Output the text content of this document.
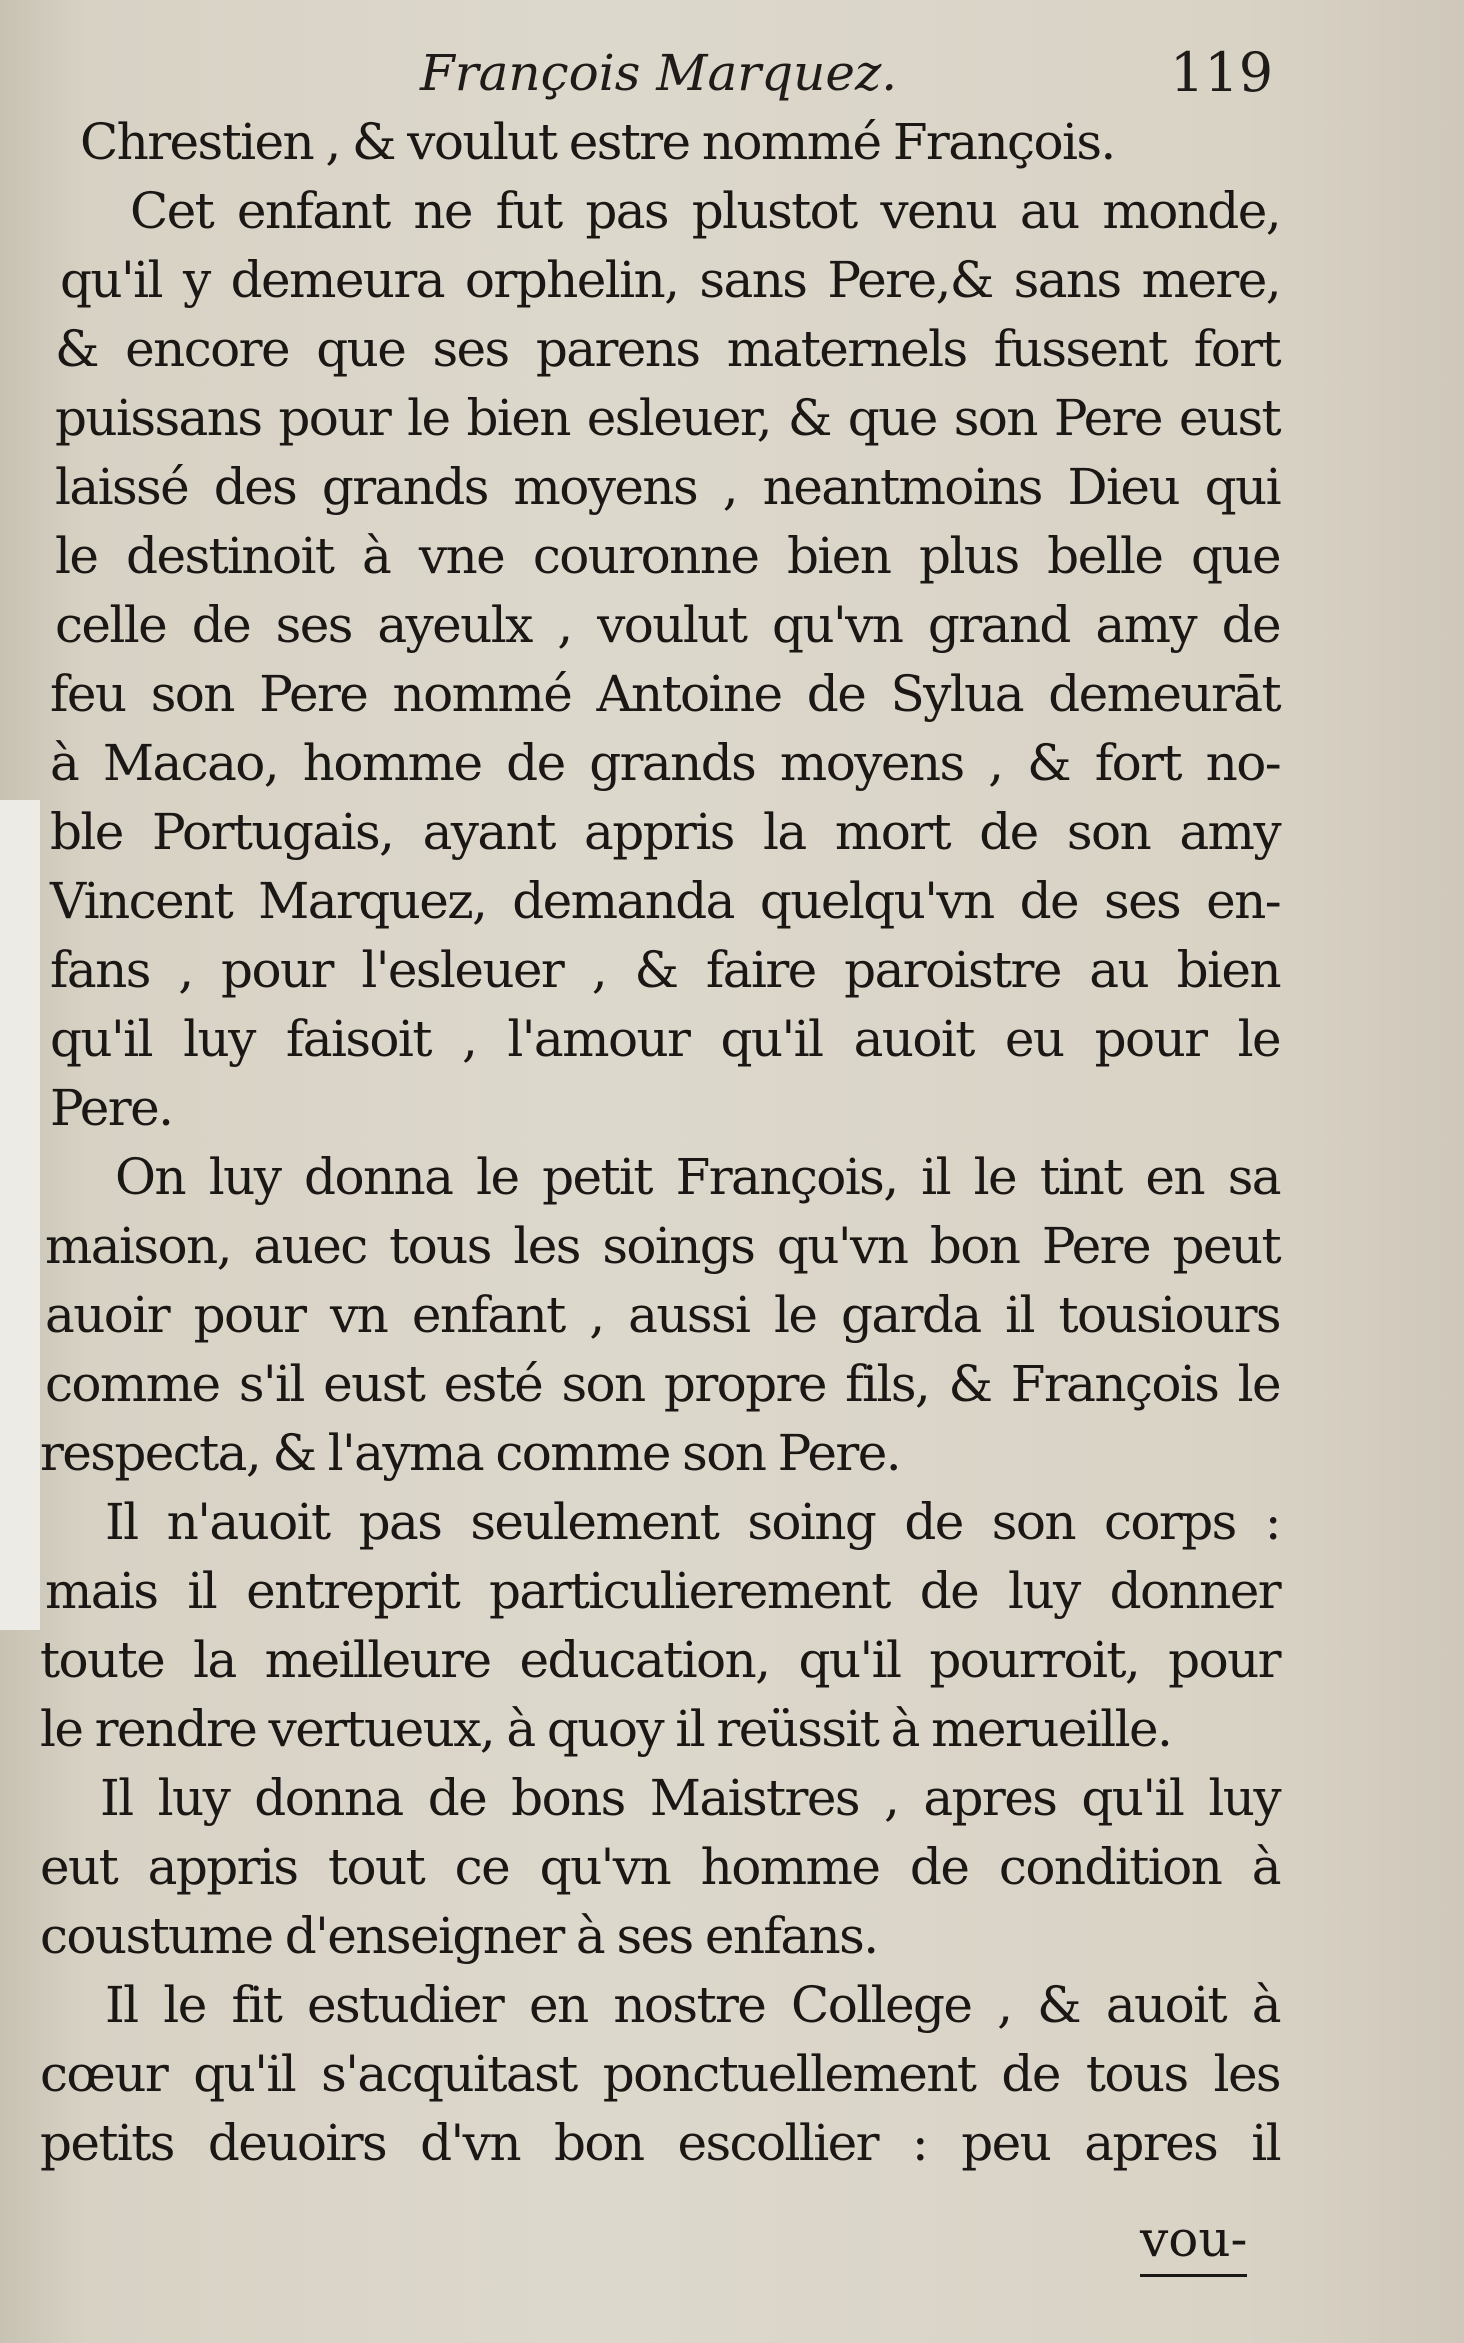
François Marquez.	119
Chrestien , & voulut estre nommé François.
Cet enfant ne fut pas plustot venu au monde,
qu'il y demeura orphelin, sans Pere,& sans mere,
& encore que ses parens maternels fussent fort
puissans pour le bien esleuer, & que son Pere eust
laissé des grands moyens , neantmoins Dieu qui
le destinoit à vne couronne bien plus belle que
celle de ses ayeulx , voulut qu'vn grand amy de
feu son Pere nommé Antoine de Sylua demeurāt
à Macao, homme de grands moyens , & fort no-
ble Portugais, ayant appris la mort de son amy
Vincent Marquez, demanda quelqu'vn de ses en-
fans , pour l'esleuer , & faire paroistre au bien
qu'il luy faisoit , l'amour qu'il auoit eu pour le
Pere.
On luy donna le petit François, il le tint en sa
maison, auec tous les soings qu'vn bon Pere peut
auoir pour vn enfant , aussi le garda il tousiours
comme s'il eust esté son propre fils, & François le
respecta, & l'ayma comme son Pere.
Il n'auoit pas seulement soing de son corps :
mais il entreprit particulierement de luy donner
toute la meilleure education, qu'il pourroit, pour
le rendre vertueux, à quoy il reüssit à merueille.
Il luy donna de bons Maistres , apres qu'il luy
eut appris tout ce qu'vn homme de condition à
coustume d'enseigner à ses enfans.
Il le fit estudier en nostre College , & auoit à
cœur qu'il s'acquitast ponctuellement de tous les
petits deuoirs d'vn bon escollier : peu apres il
vou-
